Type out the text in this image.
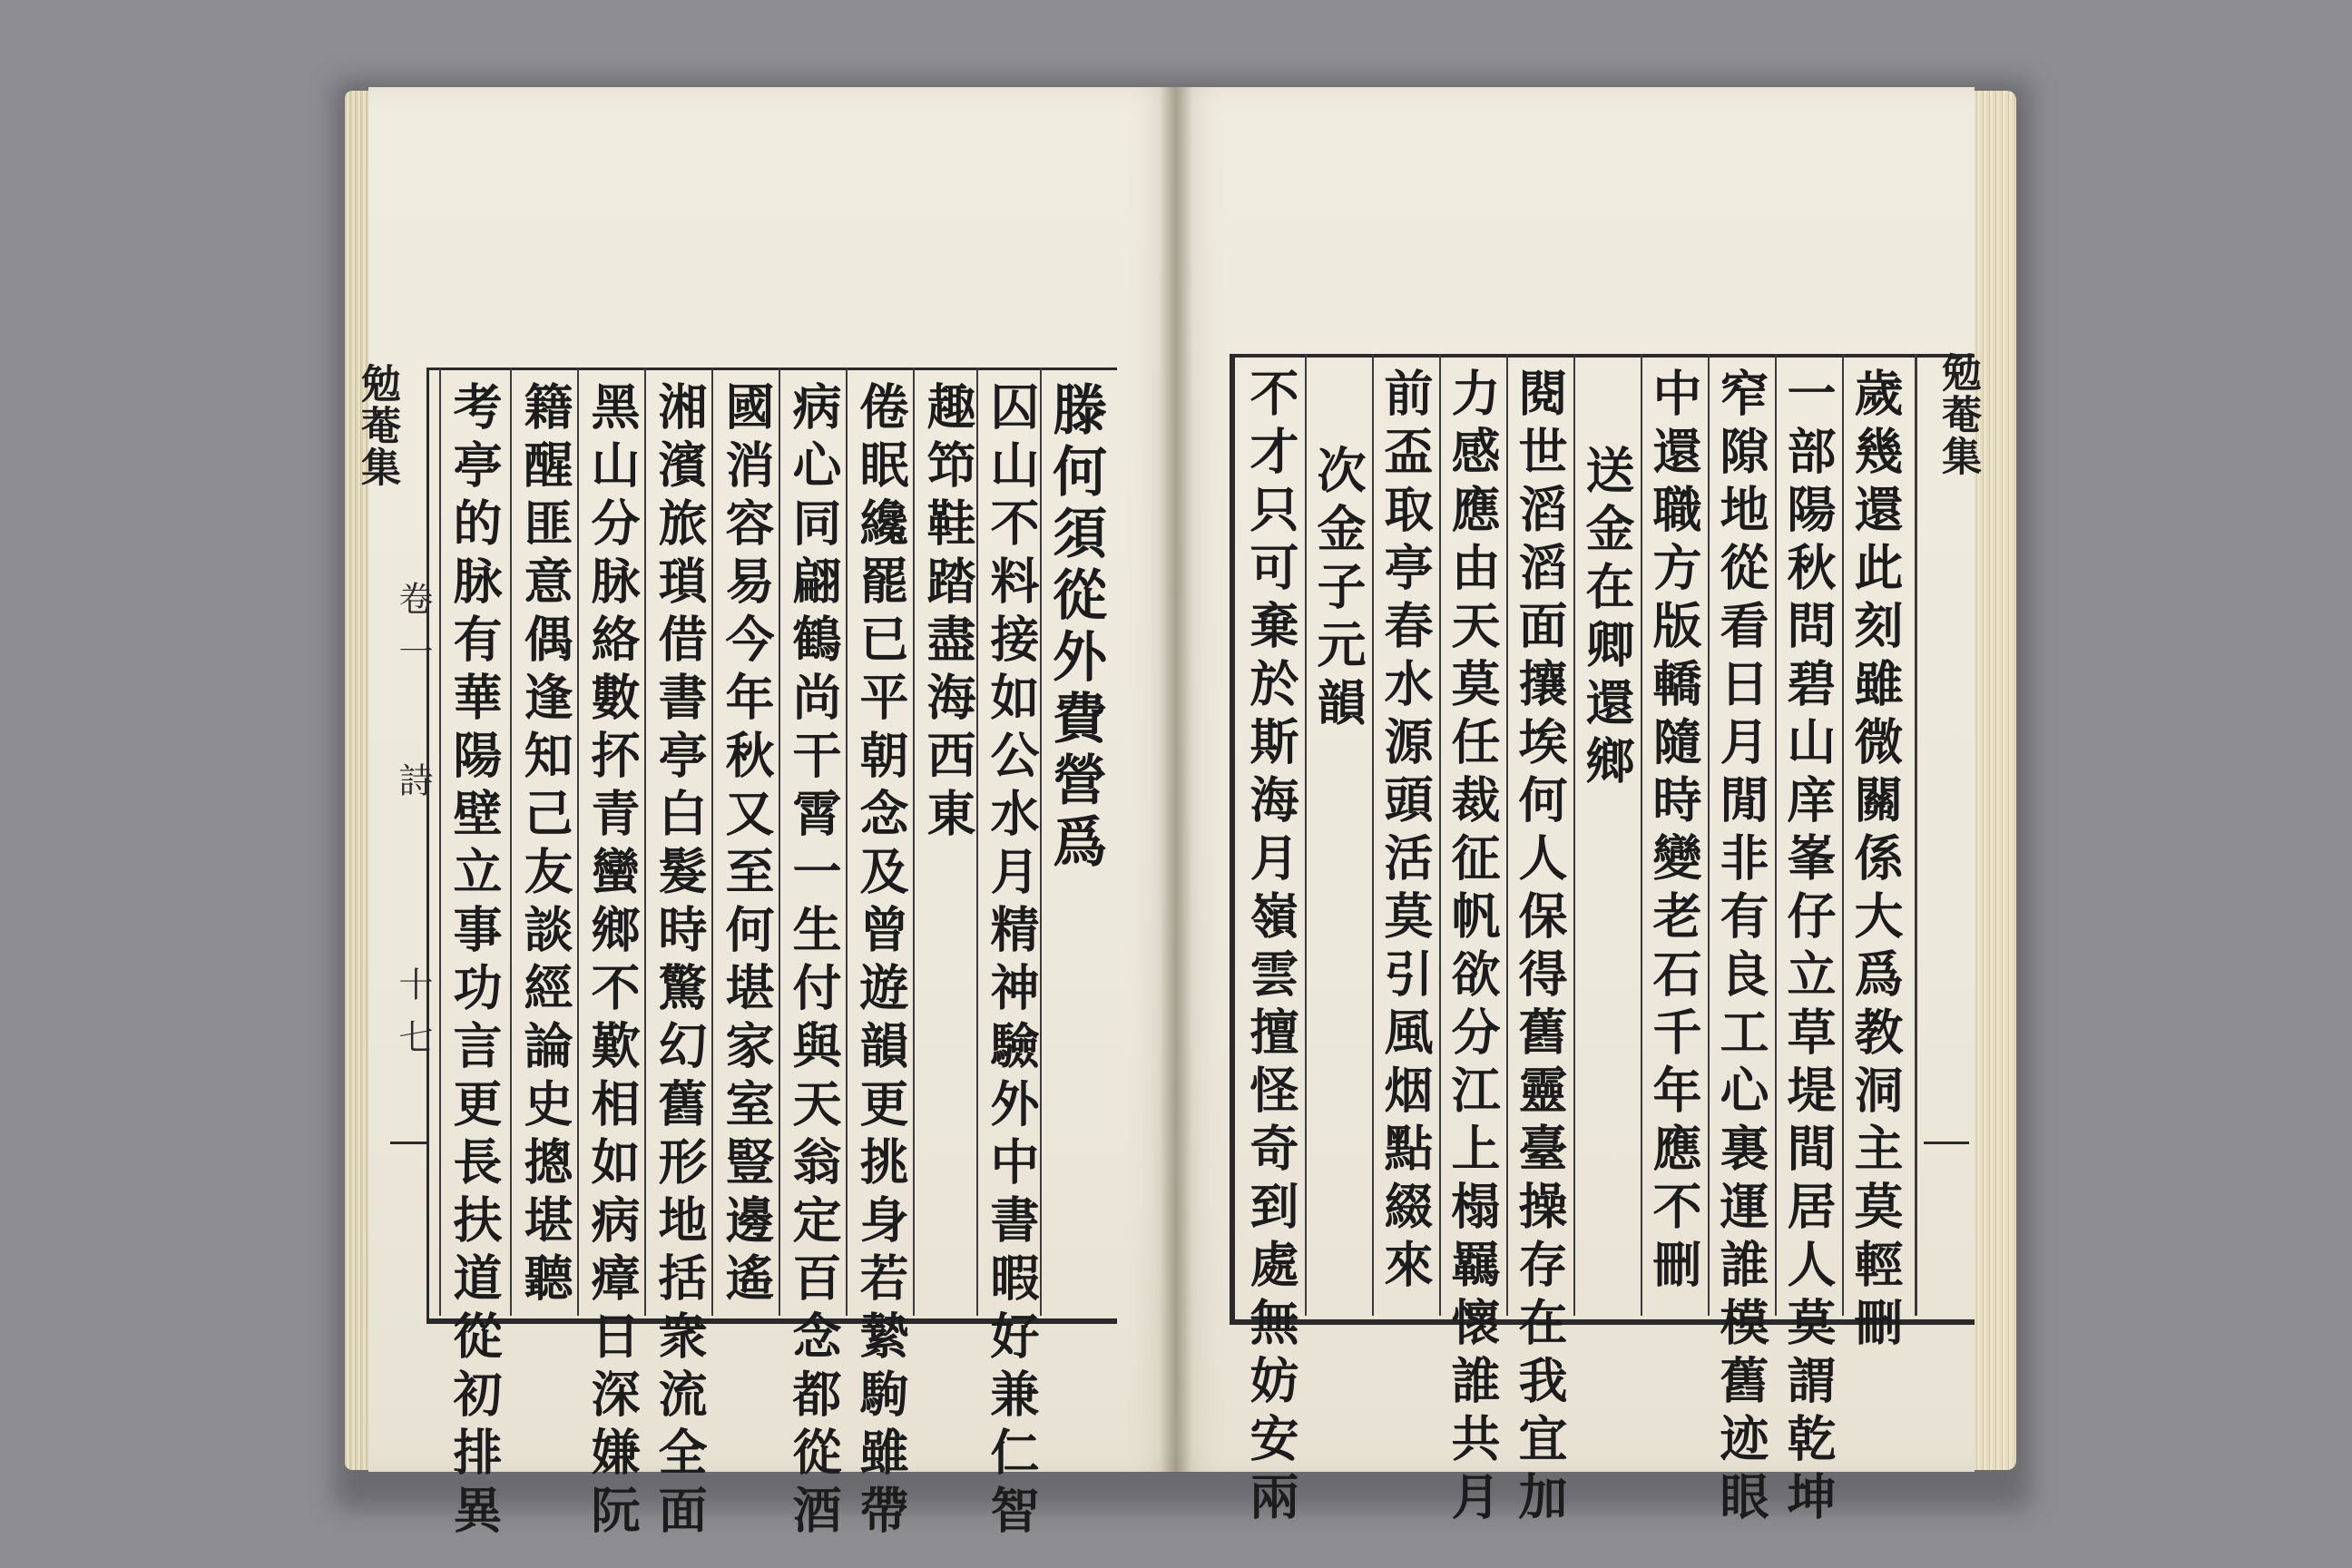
勉菴集
卷一
詩
十七
滕何須從外費營爲
囚山不料接如公水月精神驗外中書暇好兼仁智
趣笻鞋踏盡海西東
倦眠纔罷已平朝念及曾遊韻更挑身若縶駒雖帶
病心同翩鶴尚干霄一生付與天翁定百念都從酒
國消容易今年秋又至何堪家室豎邊遙
湘濱旅瑣借書亭白髮時驚幻舊形地括衆流全面
黑山分脉絡數抔青蠻鄉不歎相如病瘴日深嫌阮
籍醒匪意偶逢知己友談經論史摠堪聽
考亭的脉有華陽壁立事功言更長扶道從初排異	勉菴集
歲幾還此刻雖微關係大爲教洞主莫輕刪
一部陽秋問碧山庠峯仔立草堤間居人莫謂乾坤
窄隙地從看日月閒非有良工心裏運誰模舊迹眼
中還職方版轎隨時變老石千年應不刪
送金在卿還鄉
閱世滔滔面攘埃何人保得舊靈臺操存在我宜加
力感應由天莫任裁征帆欲分江上榻羈懷誰共月
前盃取亭春水源頭活莫引風烟點綴來
次金子元韻
不才只可棄於斯海月嶺雲擅怪奇到處無妨安兩
